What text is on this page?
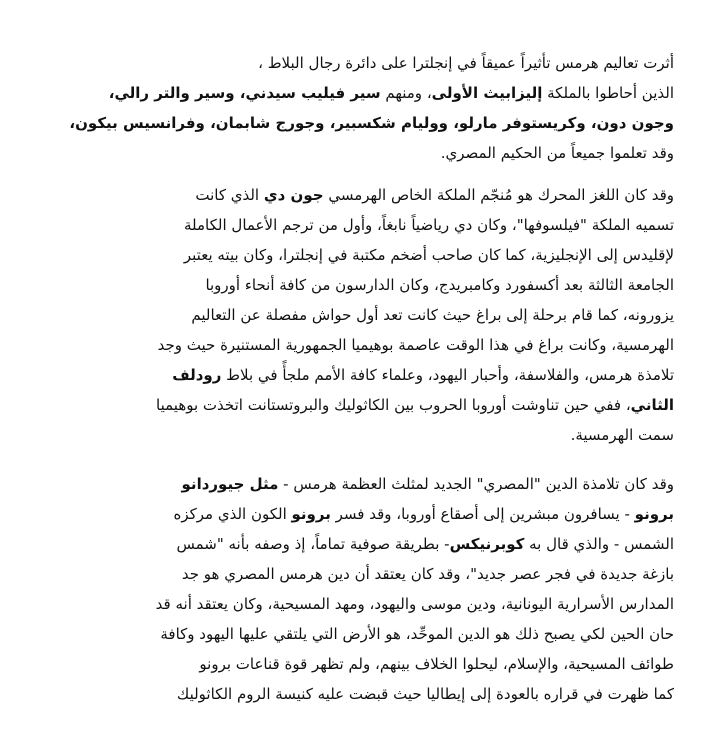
أثرت تعاليم هرمس تأثيراً عميقاً في إنجلترا على دائرة رجال البلاط ،
الذين أحاطوا بالملكة إليزابيث الأولى، ومنهم سير فيليب سيدني، وسير والتر رالي،
وجون دون، وكريستوفر مارلو، ووليام شكسبير، وجورج شابمان، وفرانسيس بيكون،
وقد تعلموا جميعاً من الحكيم المصري.
وقد كان اللغز المحرك هو مُنجّم الملكة الخاص الهرمسي جون دي الذي كانت
تسميه الملكة "فيلسوفها"، وكان دي رياضياً نابغاً، وأول من ترجم الأعمال الكاملة
لإقليدس إلى الإنجليزية، كما كان صاحب أضخم مكتبة في إنجلترا، وكان بيته يعتبر
الجامعة الثالثة بعد أكسفورد وكامبريدج، وكان الدارسون من كافة أنحاء أوروبا
يزورونه، كما قام برحلة إلى براغ حيث كانت تعد أول حواش مفصلة عن التعاليم
الهرمسية، وكانت براغ في هذا الوقت عاصمة بوهيميا الجمهورية المستنيرة حيث وجد
تلامذة هرمس، والفلاسفة، وأحبار اليهود، وعلماء كافة الأمم ملجأً في بلاط رودلف
الثاني، ففي حين تناوشت أوروبا الحروب بين الكاثوليك والبروتستانت اتخذت بوهيميا
سمت الهرمسية.
وقد كان تلامذة الدين "المصري" الجديد لمثلث العظمة هرمس - مثل جيوردانو
برونو - يسافرون مبشرين إلى أصقاع أوروبا، وقد فسر برونو الكون الذي مركزه
الشمس - والذي قال به كوبرنيكس- بطريقة صوفية تماماً، إذ وصفه بأنه "شمس
بازغة جديدة في فجر عصر جديد"، وقد كان يعتقد أن دين هرمس المصري هو جد
المدارس الأسرارية اليونانية، ودين موسى واليهود، ومهد المسيحية، وكان يعتقد أنه قد
حان الحين لكي يصبح ذلك هو الدين الموحِّد، هو الأرض التي يلتقي عليها اليهود وكافة
طوائف المسيحية، والإسلام، ليحلوا الخلاف بينهم، ولم تظهر قوة قناعات برونو
كما ظهرت في قراره بالعودة إلى إيطاليا حيث قبضت عليه كنيسة الروم الكاثوليك
